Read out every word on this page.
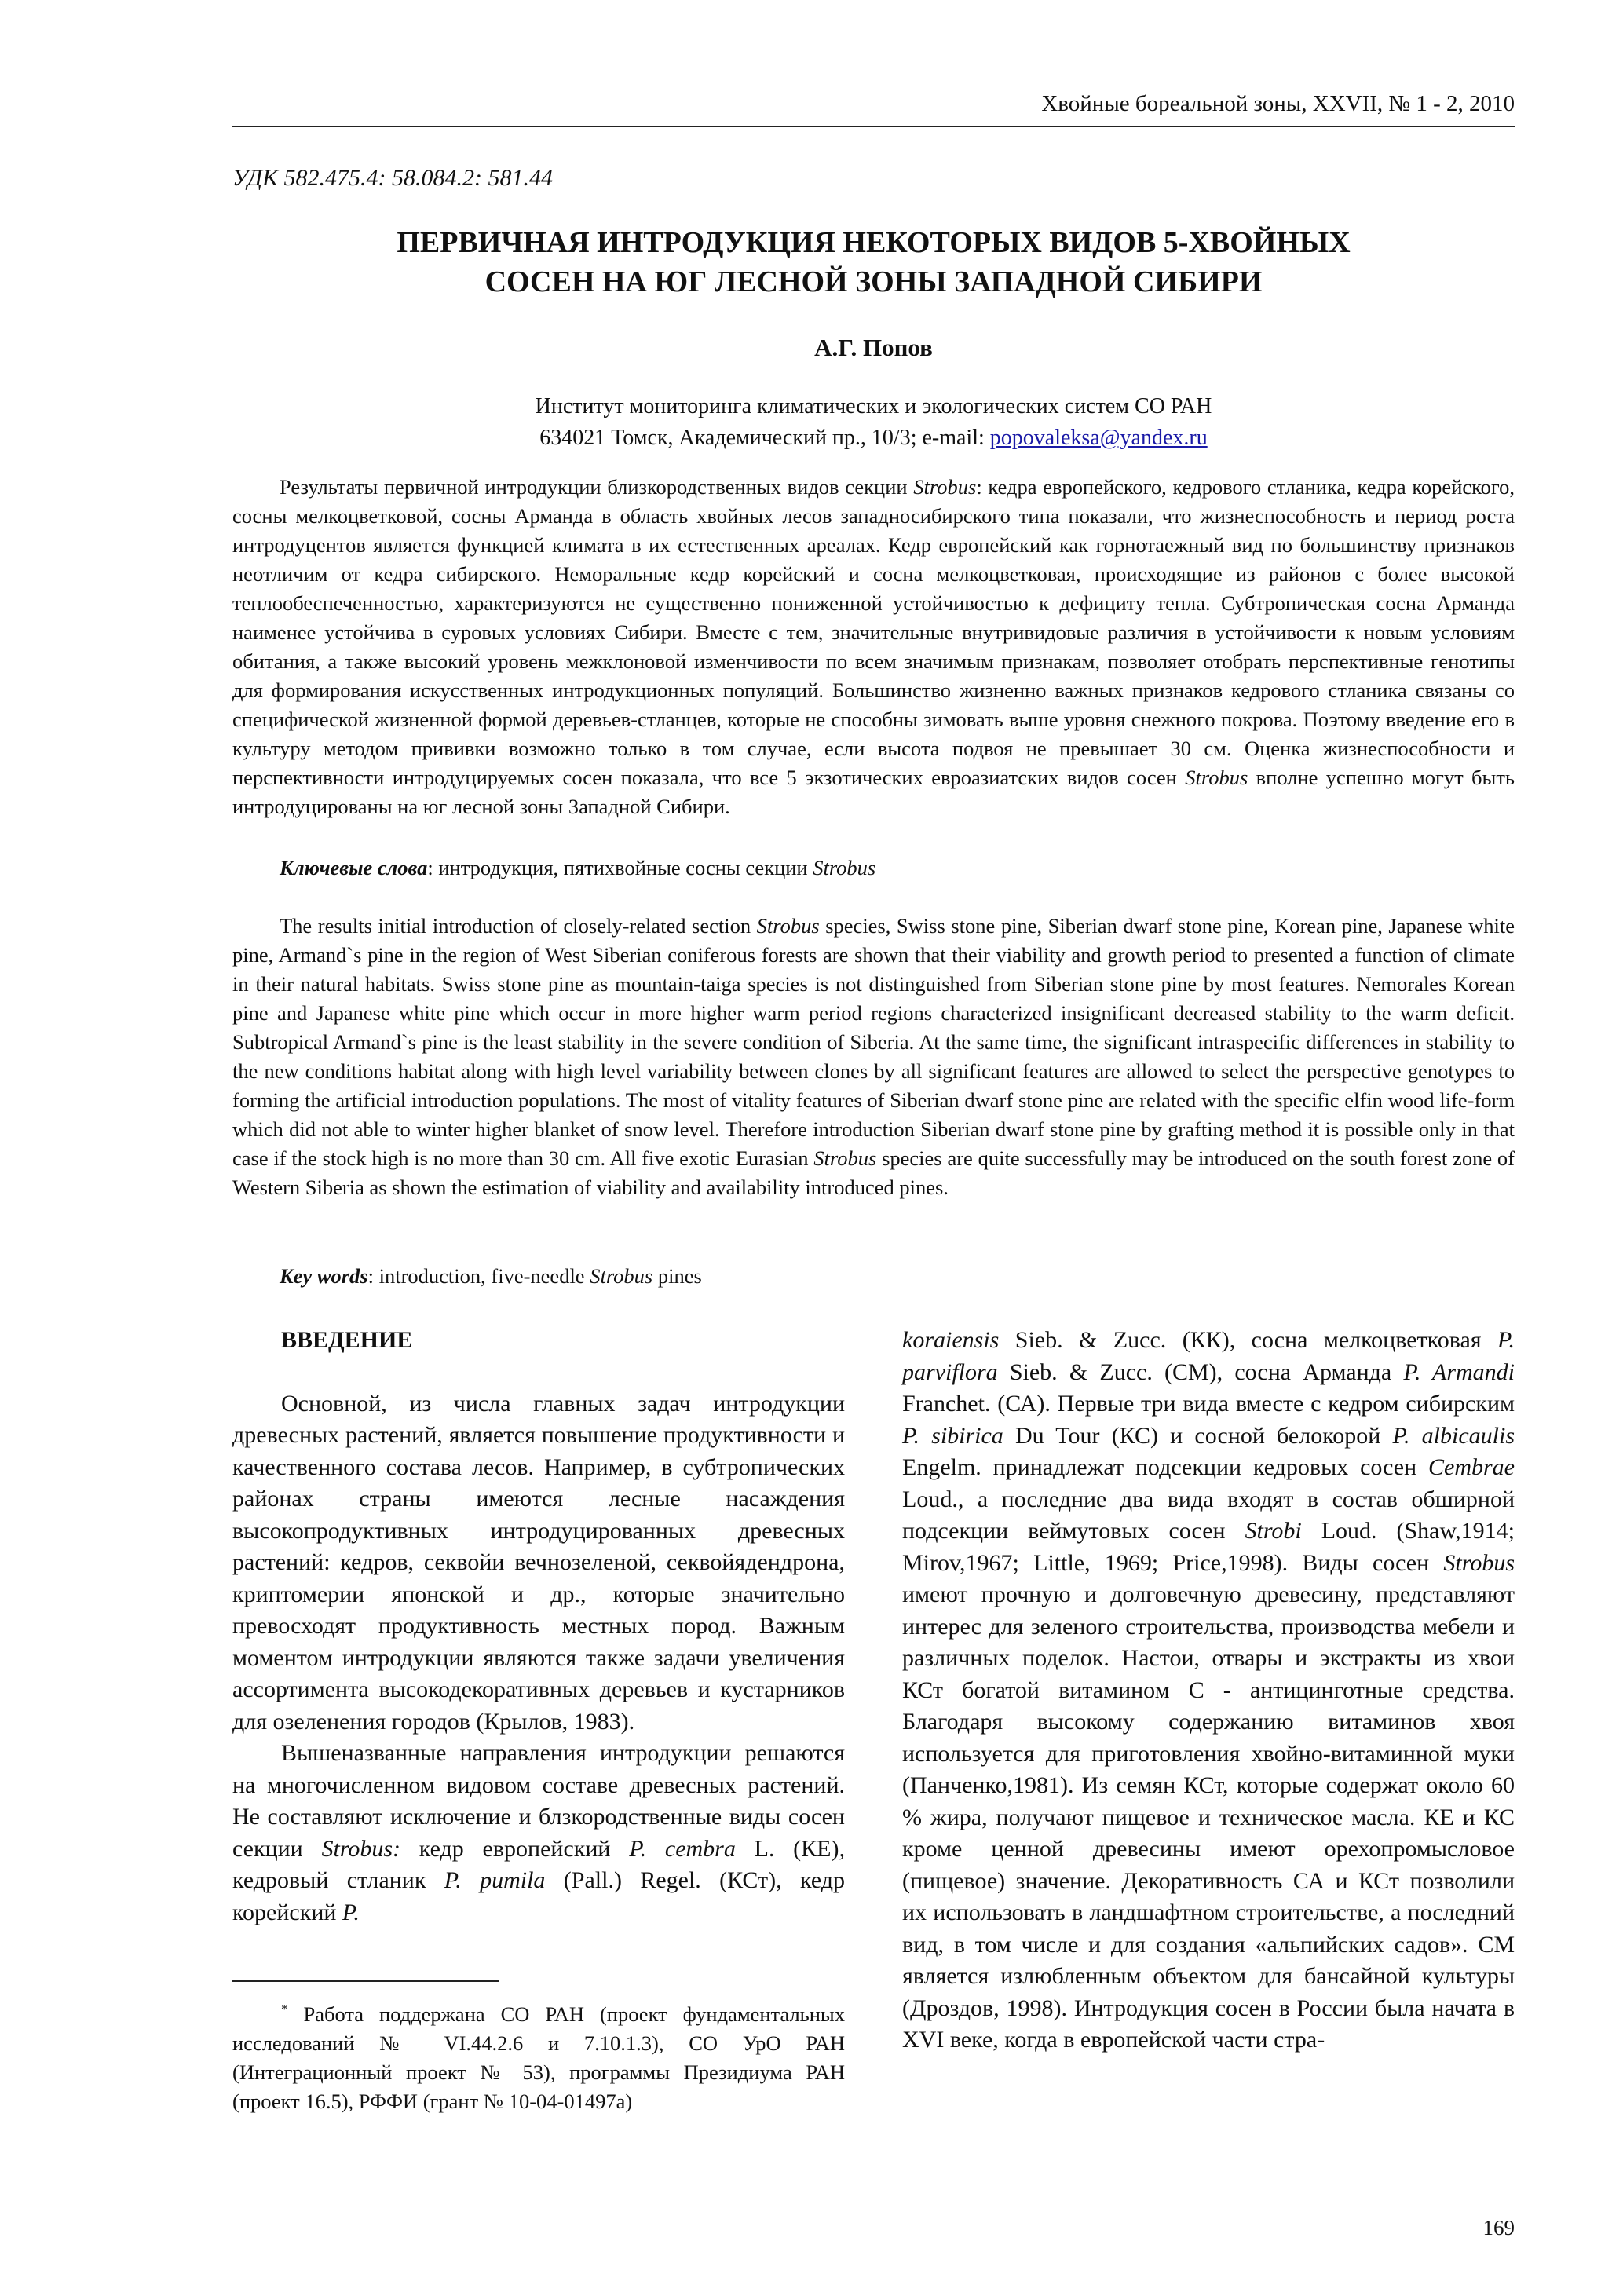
Хвойные бореальной зоны, XXVII, № 1 - 2, 2010
УДК 582.475.4: 58.084.2: 581.44
ПЕРВИЧНАЯ ИНТРОДУКЦИЯ НЕКОТОРЫХ ВИДОВ 5-ХВОЙНЫХ
СОСЕН НА ЮГ ЛЕСНОЙ ЗОНЫ ЗАПАДНОЙ СИБИРИ
А.Г. Попов
Институт мониторинга климатических и экологических систем СО РАН
634021 Томск, Академический пр., 10/3; e-mail: popovaleksa@yandex.ru

Результаты первичной интродукции близкородственных видов секции Strobus: кедра европейского, кедрового стланика, кедра корейского, сосны мелкоцветковой, сосны Арманда в область хвойных лесов западносибирского типа показали, что жизнеспособность и период роста интродуцентов является функцией климата в их естественных ареалах. Кедр европейский как горнотаежный вид по большинству признаков неотличим от кедра сибирского. Неморальные кедр корейский и сосна мелкоцветковая, происходящие из районов с более высокой теплообеспеченностью, характеризуются не существенно пониженной устойчивостью к дефициту тепла. Субтропическая сосна Арманда наименее устойчива в суровых условиях Сибири. Вместе с тем, значительные внутривидовые различия в устойчивости к новым условиям обитания, а также высокий уровень межклоновой изменчивости по всем значимым признакам, позволяет отобрать перспективные генотипы для формирования искусственных интродукционных популяций. Большинство жизненно важных признаков кедрового стланика связаны со специфической жизненной формой деревьев-стланцев, которые не способны зимовать выше уровня снежного покрова. Поэтому введение его в культуру методом прививки возможно только в том случае, если высота подвоя не превышает 30 см. Оценка жизнеспособности и перспективности интродуцируемых сосен показала, что все 5 экзотических евроазиатских видов сосен Strobus вполне успешно могут быть интродуцированы на юг лесной зоны Западной Сибири.

Ключевые слова: интродукция, пятихвойные сосны секции Strobus

The results initial introduction of closely-related section Strobus species, Swiss stone pine, Siberian dwarf stone pine, Korean pine, Japanese white pine, Armand`s pine in the region of West Siberian coniferous forests are shown that their viability and growth period to presented a function of climate in their natural habitats. Swiss stone pine as mountain-taiga species is not distinguished from Siberian stone pine by most features. Nemorales Korean pine and Japanese white pine which occur in more higher warm period regions characterized insignificant decreased stability to the warm deficit. Subtropical Armand`s pine is the least stability in the severe condition of Siberia. At the same time, the significant intraspecific differences in stability to the new conditions habitat along with high level variability between clones by all significant features are allowed to select the perspective genotypes to forming the artificial introduction populations. The most of vitality features of Siberian dwarf stone pine are related with the specific elfin wood life-form which did not able to winter higher blanket of snow level. Therefore introduction Siberian dwarf stone pine by grafting method it is possible only in that case if the stock high is no more than 30 cm. All five exotic Eurasian Strobus species are quite successfully may be introduced on the south forest zone of Western Siberia as shown the estimation of viability and availability introduced pines.

Key words: introduction, five-needle Strobus pines

ВВЕДЕНИЕ

Основной, из числа главных задач интродукции древесных растений, является повышение продуктивности и качественного состава лесов. Например, в субтропических районах страны имеются лесные насаждения высокопродуктивных интродуцированных древесных растений: кедров, секвойи вечнозеленой, секвойядендрона, криптомерии японской и др., которые значительно превосходят продуктивность местных пород. Важным моментом интродукции являются также задачи увеличения ассортимента высокодекоративных деревьев и кустарников для озеленения городов (Крылов, 1983).

Вышеназванные направления интродукции решаются на многочисленном видовом составе древесных растений. Не составляют исключение и блзкородственные виды сосен секции Strobus: кедр европейский P. cembra L. (КЕ), кедровый стланик P. pumila (Pall.) Regel. (КСт), кедр корейский P.

koraiensis Sieb. & Zucc. (КК), сосна мелкоцветковая P. parviflora Sieb. & Zucc. (СМ), сосна Арманда P. Armandi Franchet. (СА). Первые три вида вместе с кедром сибирским P. sibirica Du Tour (КС) и сосной белокорой P. albicaulis Engelm. принадлежат подсекции кедровых сосен Cembrae Loud., а последние два вида входят в состав обширной подсекции веймутовых сосен Strobi Loud. (Shaw,1914; Mirov,1967; Little, 1969; Price,1998). Виды сосен Strobus имеют прочную и долговечную древесину, представляют интерес для зеленого строительства, производства мебели и различных поделок. Настои, отвары и экстракты из хвои КСт богатой витамином С - антицинготные средства. Благодаря высокому содержанию витаминов хвоя используется для приготовления хвойно-витаминной муки (Панченко,1981). Из семян КСт, которые содержат около 60 % жира, получают пищевое и техническое масла. КЕ и КС кроме ценной древесины имеют орехопромысловое (пищевое) значение. Декоративность СА и КСт позволили их использовать в ландшафтном строительстве, а последний вид, в том числе и для создания «альпийских садов». СМ является излюбленным объектом для бансайной культуры (Дроздов, 1998). Интродукция сосен в России была начата в XVI веке, когда в европейской части стра-

* Работа поддержана СО РАН (проект фундаментальных исследований № VI.44.2.6 и 7.10.1.3), СО УрО РАН (Интеграционный проект № 53), программы Президиума РАН (проект 16.5), РФФИ (грант № 10-04-01497а)

169
